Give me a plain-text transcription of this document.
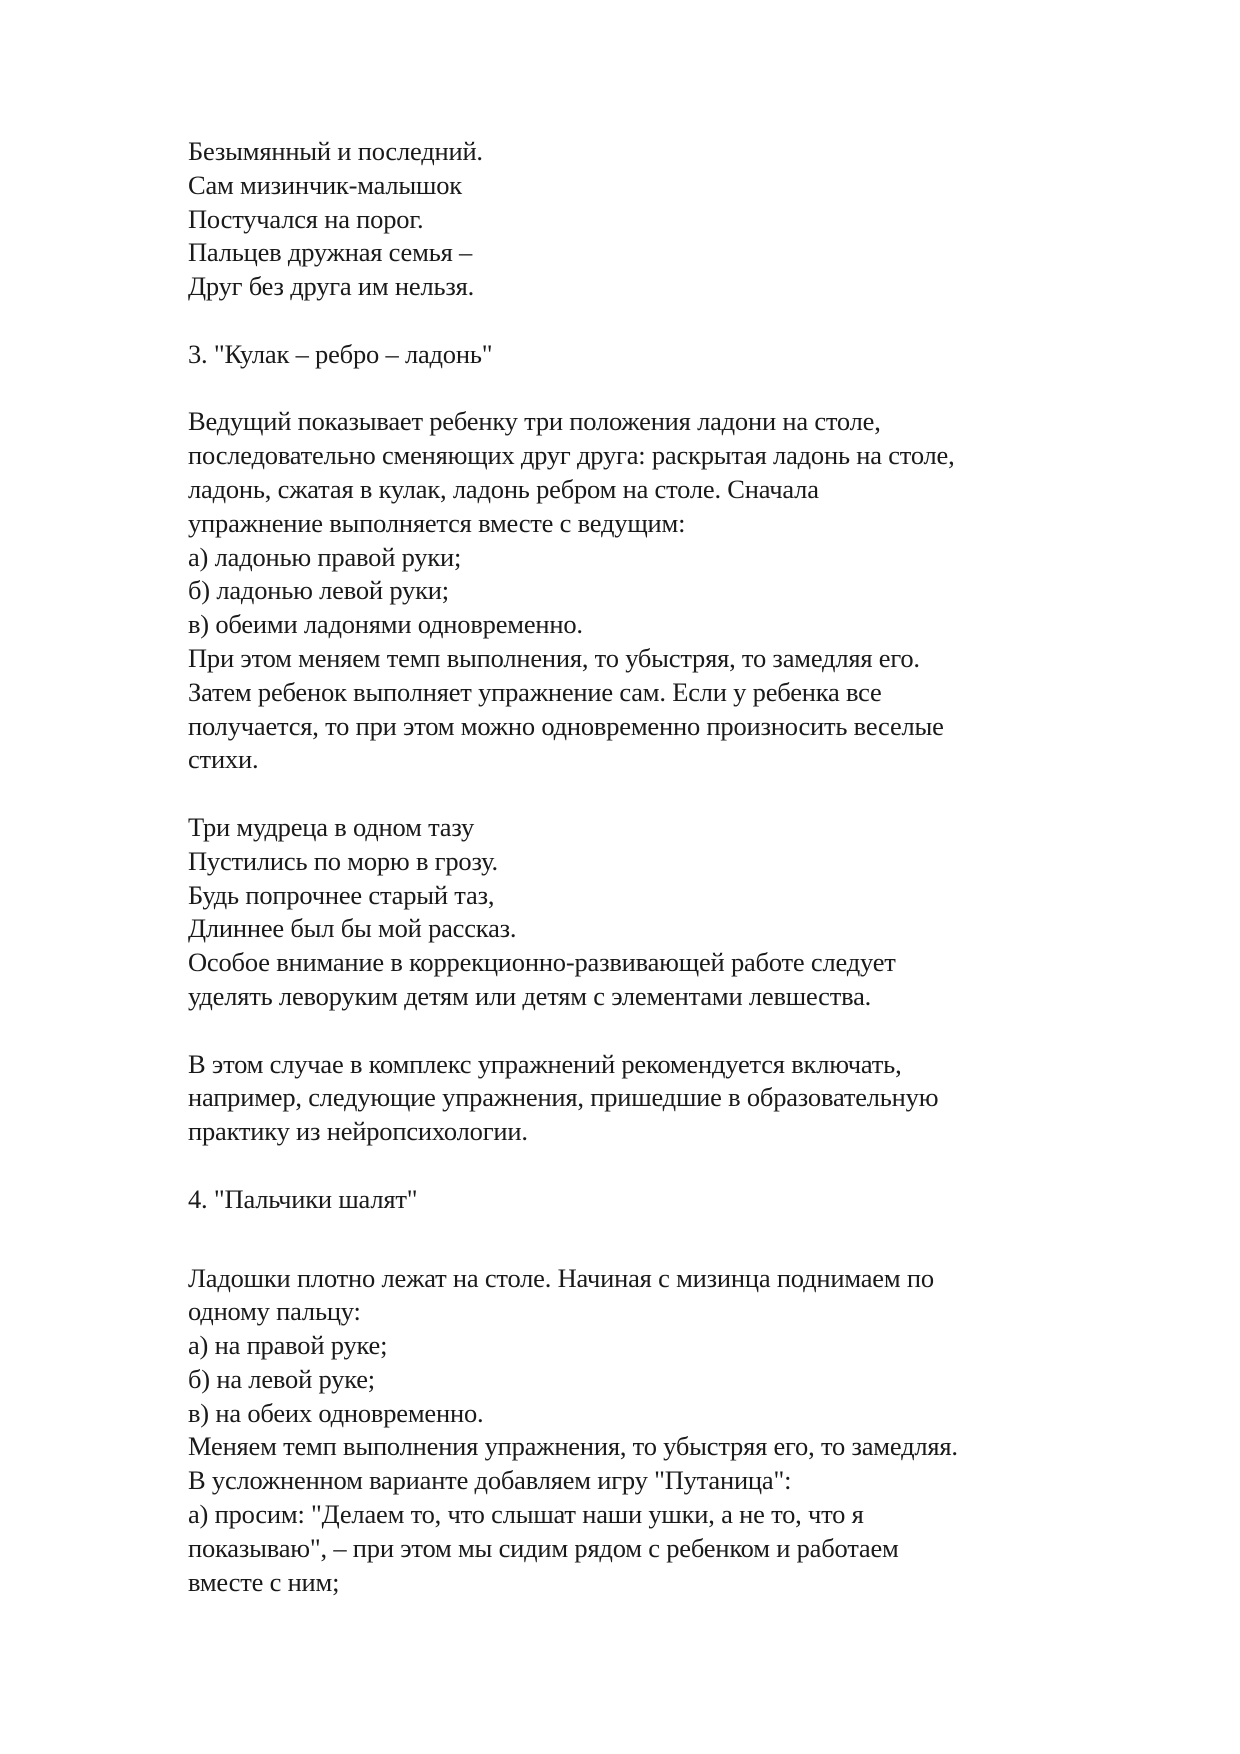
Безымянный и последний.
Сам мизинчик-малышок
Постучался на порог.
Пальцев дружная семья –
Друг без друга им нельзя.
3. "Кулак – ребро – ладонь"
Ведущий показывает ребенку три положения ладони на столе,
последовательно сменяющих друг друга: раскрытая ладонь на столе,
ладонь, сжатая в кулак, ладонь ребром на столе. Сначала
упражнение выполняется вместе с ведущим:
а) ладонью правой руки;
б) ладонью левой руки;
в) обеими ладонями одновременно.
При этом меняем темп выполнения, то убыстряя, то замедляя его.
Затем ребенок выполняет упражнение сам. Если у ребенка все
получается, то при этом можно одновременно произносить веселые
стихи.
Три мудреца в одном тазу
Пустились по морю в грозу.
Будь попрочнее старый таз,
Длиннее был бы мой рассказ.
Особое внимание в коррекционно-развивающей работе следует
уделять леворуким детям или детям с элементами левшества.
В этом случае в комплекс упражнений рекомендуется включать,
например, следующие упражнения, пришедшие в образовательную
практику из нейропсихологии.
4. "Пальчики шалят"
Ладошки плотно лежат на столе. Начиная с мизинца поднимаем по
одному пальцу:
а) на правой руке;
б) на левой руке;
в) на обеих одновременно.
Меняем темп выполнения упражнения, то убыстряя его, то замедляя.
В усложненном варианте добавляем игру "Путаница":
а) просим: "Делаем то, что слышат наши ушки, а не то, что я
показываю", – при этом мы сидим рядом с ребенком и работаем
вместе с ним;
